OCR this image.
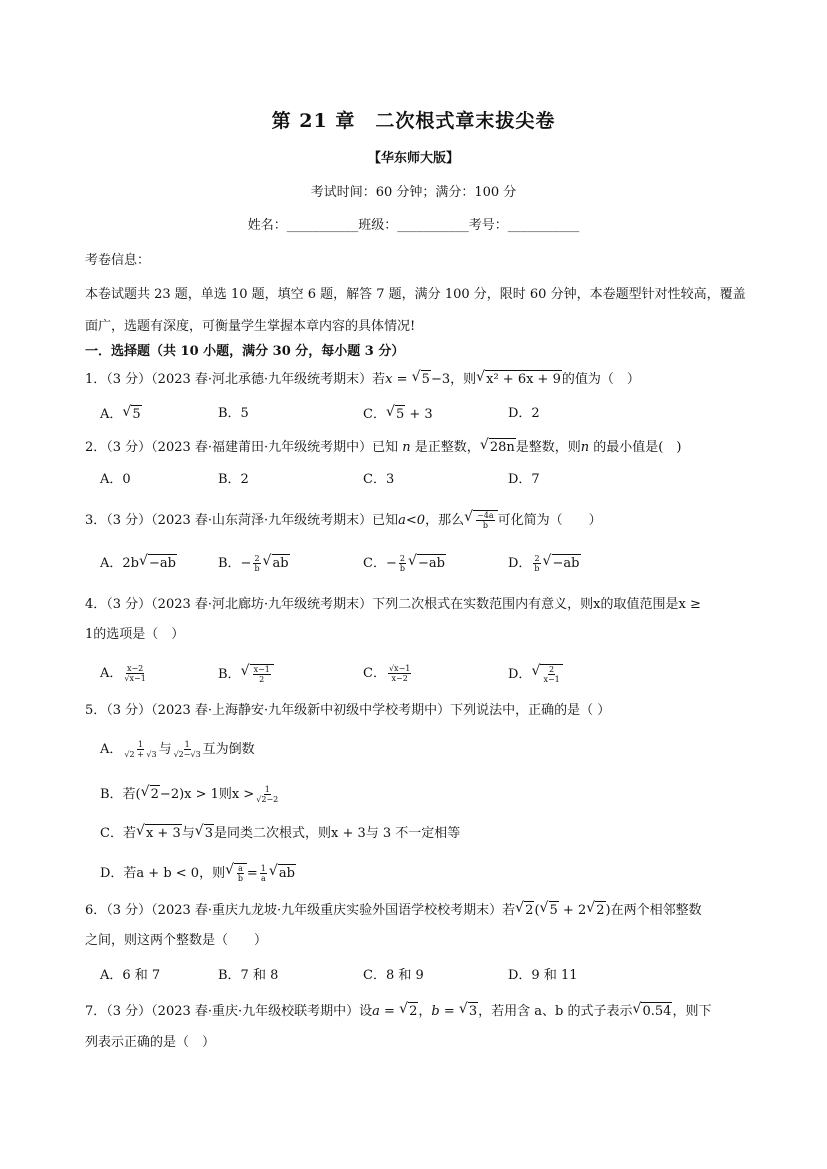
第 21 章　二次根式章末拔尖卷
【华东师大版】
考试时间：60 分钟；满分：100 分
姓名：___________班级：___________考号：___________
考卷信息：
本卷试题共 23 题，单选 10 题，填空 6 题，解答 7 题，满分 100 分，限时 60 分钟，本卷题型针对性较高，覆盖
面广，选题有深度，可衡量学生掌握本章内容的具体情况!
一．选择题（共 10 小题，满分 30 分，每小题 3 分）
1．（3 分）（2023 春·河北承德·九年级统考期末）若x = √ 5−3，则 √ x² + 6x + 9的值为（　）
A． √ 5	B．5	C． √ 5 + 3	D．2
2．（3 分）（2023 春·福建莆田·九年级统考期中）已知 n 是正整数， √ 28n是整数，则n 的最小值是(　)
A．0	B．2	C．3	D．7
3．（3 分）（2023 春·山东菏泽·九年级统考期末）已知a<0，那么 √ $\frac{-4a}{b}$ 可化简为（　　）
A．2b √ −ab	B．− $\frac{2}{b}$ √ ab	C．− $\frac{2}{b}$ √ −ab	D． $\frac{2}{b}$ √ −ab
4．（3 分）（2023 春·河北廊坊·九年级统考期末）下列二次根式在实数范围内有意义，则x的取值范围是x ≥
1的选项是（　）
A． $\frac{x-2}{√x-1}$	B． √ $\frac{x-1}{2}$	C． $\frac{√x-1}{x-2}$	D． √ $\frac{2}{x-1}$
5．（3 分）（2023 春·上海静安·九年级新中初级中学校考期中）下列说法中，正确的是（ ）
A． $\frac{1}{√2 + √3}$ 与 $\frac{1}{√2-√3}$ 互为倒数
B．若( √ 2−2)x > 1则$x > \frac{1}{√2-2}$
C．若 √ x + 3与 √ 3是同类二次根式，则x + 3与 3 不一定相等
D．若a + b < 0，则 √ $\frac{a}{b} = \frac{1}{a}$ √ ab
6．（3 分）（2023 春·重庆九龙坡·九年级重庆实验外国语学校校考期末）若 √ 2( √ 5 + 2 √ 2)在两个相邻整数
之间，则这两个整数是（　　）
A．6 和 7	B．7 和 8	C．8 和 9	D．9 和 11
7．（3 分）（2023 春·重庆·九年级校联考期中）设a = √ 2，b = √ 3，若用含 a、b 的式子表示 √ 0.54，则下
列表示正确的是（　）
